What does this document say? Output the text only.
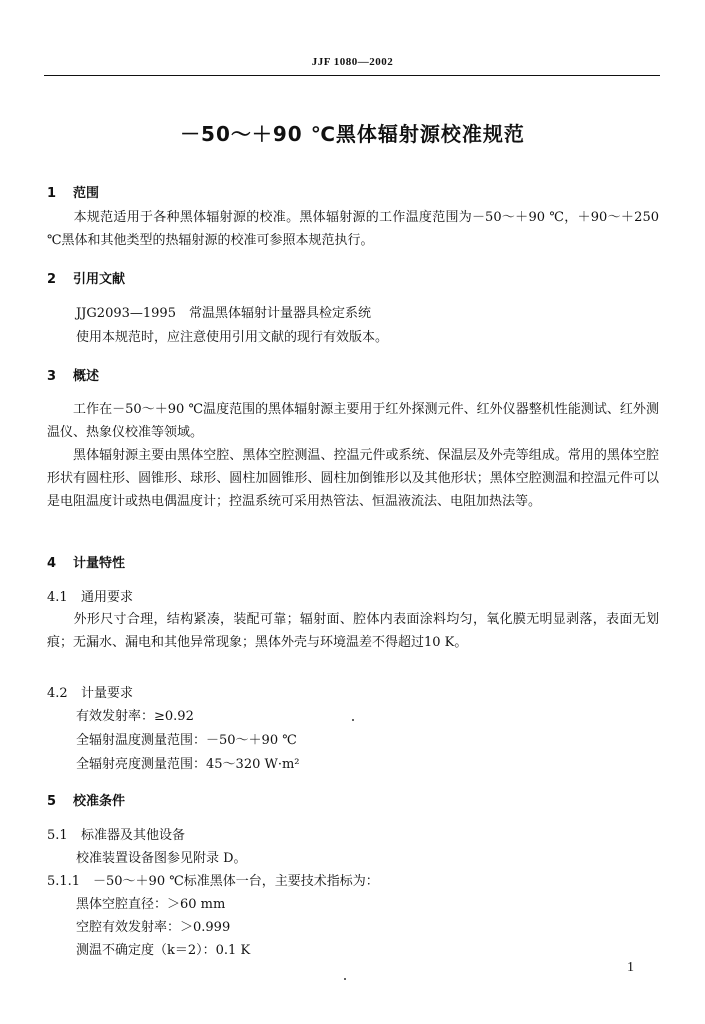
JJF 1080—2002
－50～＋90 ℃黑体辐射源校准规范
1 范围
　　本规范适用于各种黑体辐射源的校准。黑体辐射源的工作温度范围为－50～＋90 ℃，＋90～＋250 ℃黑体和其他类型的热辐射源的校准可参照本规范执行。
2 引用文献
JJG2093—1995　常温黑体辐射计量器具检定系统
使用本规范时，应注意使用引用文献的现行有效版本。
3 概述
　　工作在－50～＋90 ℃温度范围的黑体辐射源主要用于红外探测元件、红外仪器整机性能测试、红外测温仪、热象仪校准等领域。
　　黑体辐射源主要由黑体空腔、黑体空腔测温、控温元件或系统、保温层及外壳等组成。常用的黑体空腔形状有圆柱形、圆锥形、球形、圆柱加圆锥形、圆柱加倒锥形以及其他形状；黑体空腔测温和控温元件可以是电阻温度计或热电偶温度计；控温系统可采用热管法、恒温液流法、电阻加热法等。
4 计量特性
4.1 通用要求
　　外形尺寸合理，结构紧凑，装配可靠；辐射面、腔体内表面涂料均匀，氧化膜无明显剥落，表面无划痕；无漏水、漏电和其他异常现象；黑体外壳与环境温差不得超过10 K。
4.2 计量要求
有效发射率：≥0.92
全辐射温度测量范围：－50～＋90 ℃
全辐射亮度测量范围：45～320 W·m²
5 校准条件
5.1 标准器及其他设备
校准装置设备图参见附录 D。
5.1.1 －50～＋90 ℃标准黑体一台，主要技术指标为：
黑体空腔直径：＞60 mm
空腔有效发射率：＞0.999
测温不确定度（k＝2）：0.1 K
1
